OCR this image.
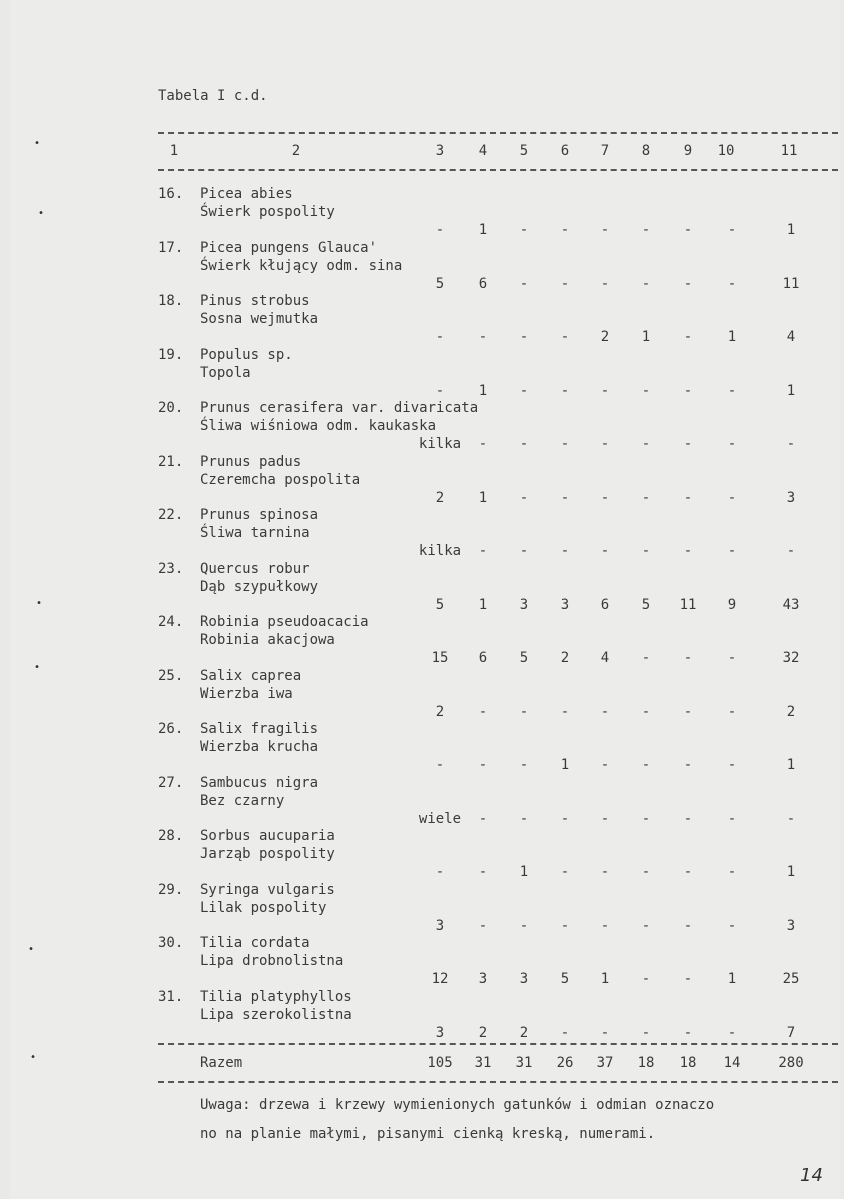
Tabela I c.d.
1	2	3 4 5 6 7 8 9 10	11
16. Picea abies
Świerk pospolity
- 1 - - - - -	-	1
17. Picea pungens Glauca'
Świerk kłujący odm. sina
5 6 - - - - -	-	11
18. Pinus strobus
Sosna wejmutka
- - - - 2 1 -	1	4
19. Populus sp.
Topola
- 1 - - - - -	-	1
20. Prunus cerasifera var. divaricata
Śliwa wiśniowa odm. kaukaska
kilka - - - - - -	-	-
21. Prunus padus
Czeremcha pospolita
2 1 - - - - -	-	3
22. Prunus spinosa
Śliwa tarnina
kilka - - - - - -	-	-
23. Quercus robur
Dąb szypułkowy
5 1 3 3 6 5 11 9	43
24. Robinia pseudoacacia
Robinia akacjowa
15 6 5 2 4 - -	-	32
25. Salix caprea
Wierzba iwa
2 - - - - - -	-	2
26. Salix fragilis
Wierzba krucha
- - - 1 - - -	-	1
27. Sambucus nigra
Bez czarny
wiele - - - - - -	-	-
28. Sorbus aucuparia
Jarząb pospolity
- - 1 - - - -	-	1
29. Syringa vulgaris
Lilak pospolity
3 - - - - - -	-	3
30. Tilia cordata
Lipa drobnolistna
12 3 3 5 1 - -	1	25
31. Tilia platyphyllos
Lipa szerokolistna
3 2 2 - - - -	-	7
Razem	105 31 31 26 37 18 18 14	280
Uwaga: drzewa i krzewy wymienionych gatunków i odmian oznaczo
no na planie małymi, pisanymi cienką kreską, numerami.
14
•
•
•
•
•
•
